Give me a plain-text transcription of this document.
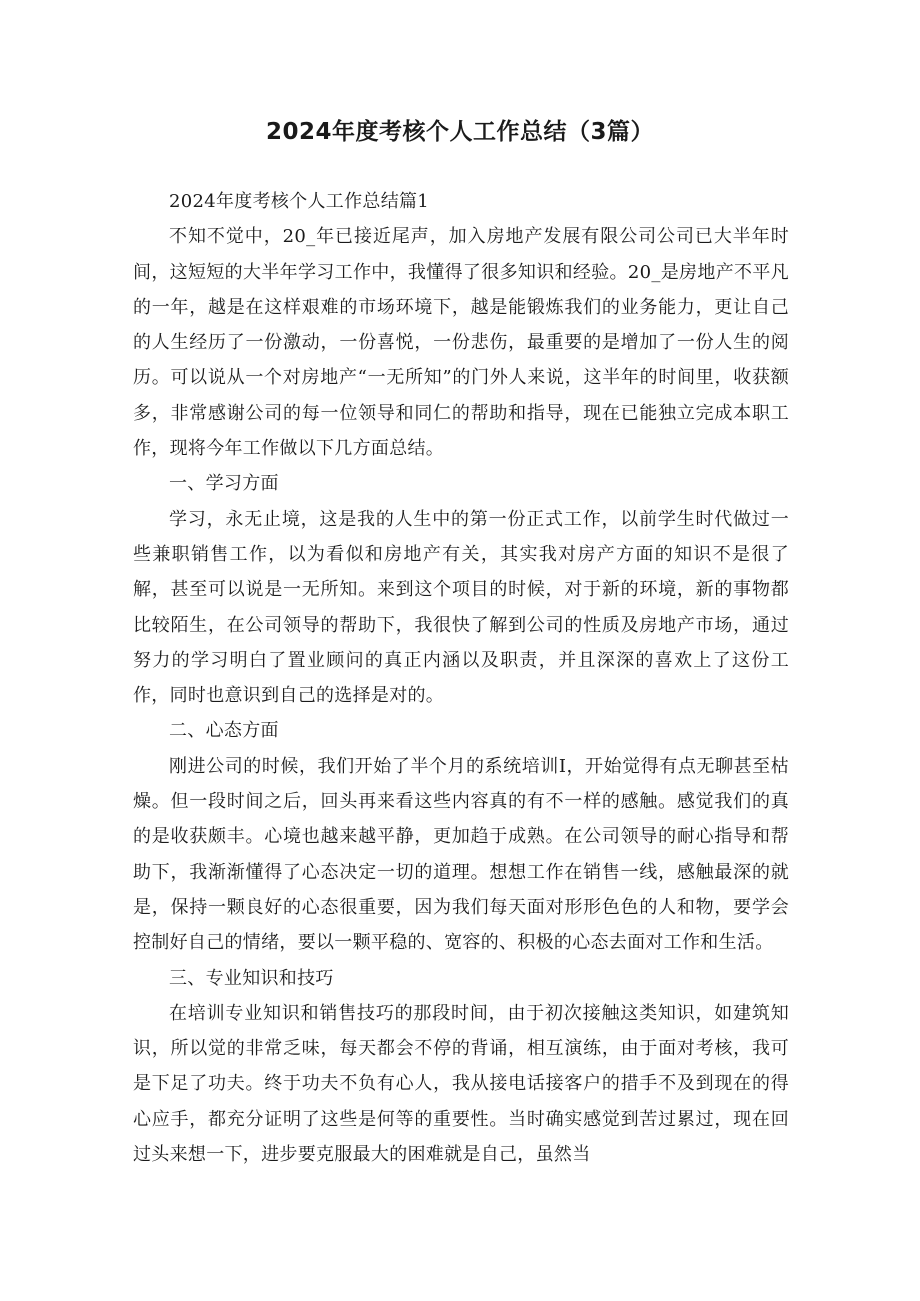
2024年度考核个人工作总结（3篇）

2024年度考核个人工作总结篇1

不知不觉中，20_年已接近尾声，加入房地产发展有限公司公司已大半年时间，这短短的大半年学习工作中，我懂得了很多知识和经验。20_是房地产不平凡的一年，越是在这样艰难的市场环境下，越是能锻炼我们的业务能力，更让自己的人生经历了一份激动，一份喜悦，一份悲伤，最重要的是增加了一份人生的阅历。可以说从一个对房地产“一无所知”的门外人来说，这半年的时间里，收获额多，非常感谢公司的每一位领导和同仁的帮助和指导，现在已能独立完成本职工作，现将今年工作做以下几方面总结。

一、学习方面

学习，永无止境，这是我的人生中的第一份正式工作，以前学生时代做过一些兼职销售工作，以为看似和房地产有关，其实我对房产方面的知识不是很了解，甚至可以说是一无所知。来到这个项目的时候，对于新的环境，新的事物都比较陌生，在公司领导的帮助下，我很快了解到公司的性质及房地产市场，通过努力的学习明白了置业顾问的真正内涵以及职责，并且深深的喜欢上了这份工作，同时也意识到自己的选择是对的。

二、心态方面

刚进公司的时候，我们开始了半个月的系统培训I，开始觉得有点无聊甚至枯燥。但一段时间之后，回头再来看这些内容真的有不一样的感触。感觉我们的真的是收获颇丰。心境也越来越平静，更加趋于成熟。在公司领导的耐心指导和帮助下，我渐渐懂得了心态决定一切的道理。想想工作在销售一线，感触最深的就是，保持一颗良好的心态很重要，因为我们每天面对形形色色的人和物，要学会控制好自己的情绪，要以一颗平稳的、宽容的、积极的心态去面对工作和生活。

三、专业知识和技巧

在培训专业知识和销售技巧的那段时间，由于初次接触这类知识，如建筑知识，所以觉的非常乏味，每天都会不停的背诵，相互演练，由于面对考核，我可是下足了功夫。终于功夫不负有心人，我从接电话接客户的措手不及到现在的得心应手，都充分证明了这些是何等的重要性。当时确实感觉到苦过累过，现在回过头来想一下，进步要克服最大的困难就是自己，虽然当
